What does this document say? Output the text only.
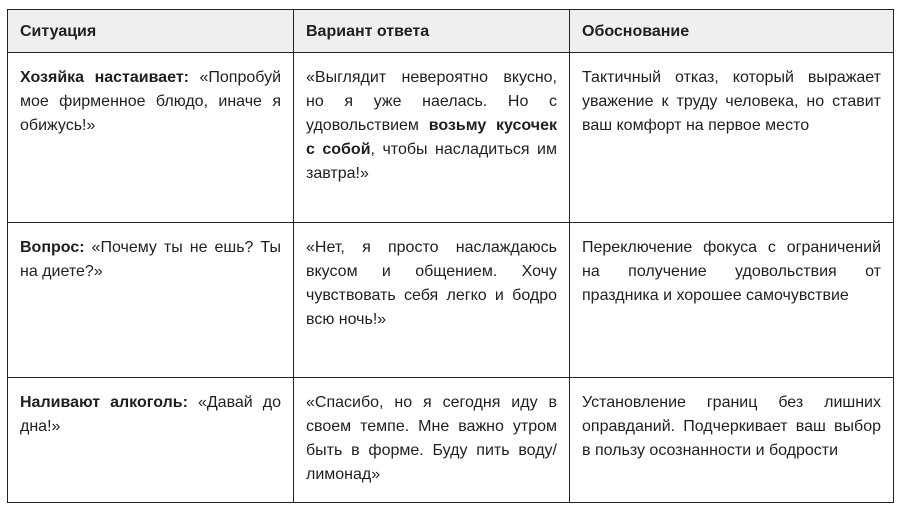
Ситуация	Вариант ответа	Обоснование
Хозяйка настаивает: «Попробуй мое фирменное блюдо, иначе я обижусь!»	«Выглядит невероятно вкусно, но я уже наелась. Но с удовольствием возьму кусочек с собой, чтобы насладиться им завтра!»	Тактичный отказ, который выражает уважение к труду человека, но ставит ваш комфорт на первое место
Вопрос: «Почему ты не ешь? Ты на диете?»	«Нет, я просто наслаждаюсь вкусом и общением. Хочу чувствовать себя легко и бодро всю ночь!»	Переключение фокуса с ограничений на получение удовольствия от праздника и хорошее самочувствие
Наливают алкоголь: «Давай до дна!»	«Спасибо, но я сегодня иду в своем темпе. Мне важно утром быть в форме. Буду пить воду/лимонад»	Установление границ без лишних оправданий. Подчеркивает ваш выбор в пользу осознанности и бодрости
